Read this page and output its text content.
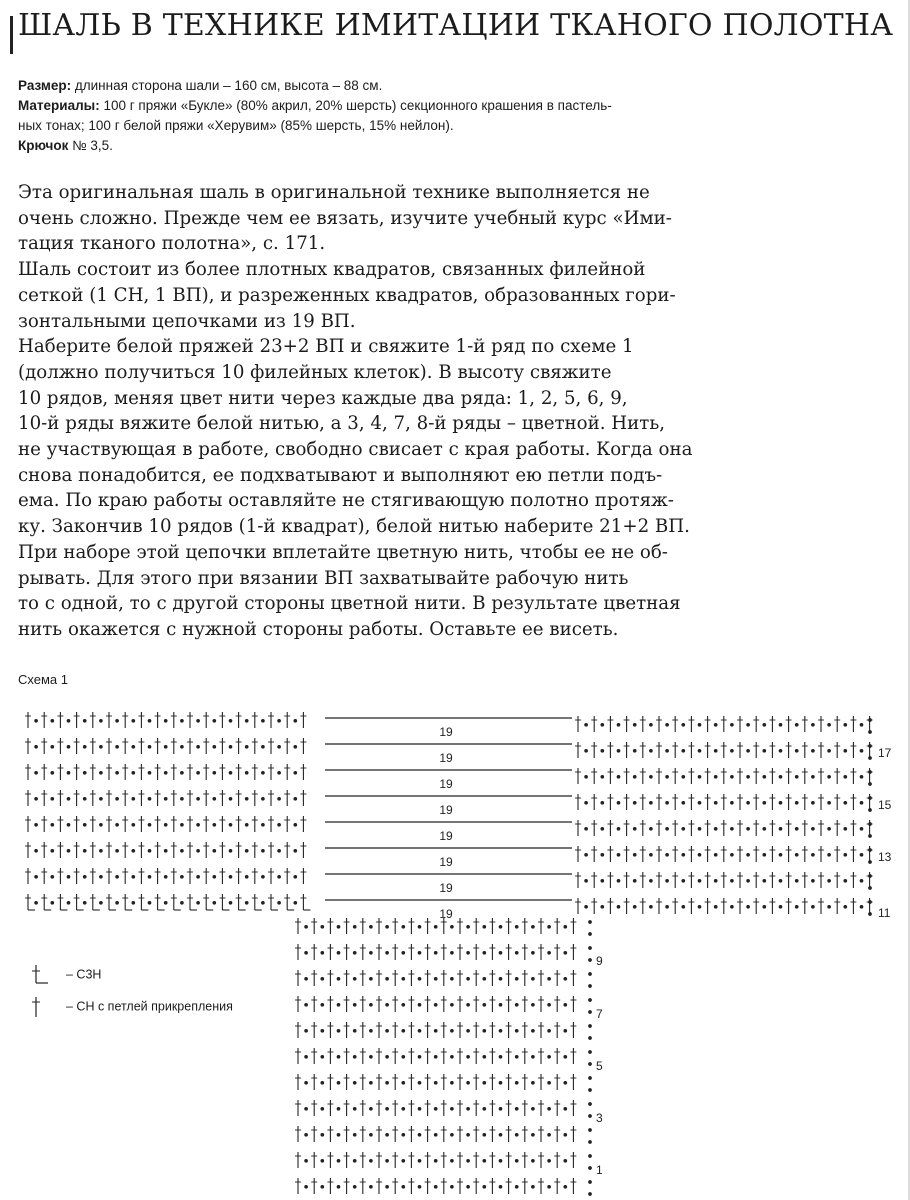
ШАЛЬ В ТЕХНИКЕ ИМИТАЦИИ ТКАНОГО ПОЛОТНА

Размер: длинная сторона шали – 160 см, высота – 88 см.

Материалы: 100 г пряжи «Букле» (80% акрил, 20% шерсть) секционного крашения в пастель-

ных тонах; 100 г белой пряжи «Херувим» (85% шерсть, 15% нейлон).

Крючок № 3,5.

Эта оригинальная шаль в оригинальной технике выполняется не

очень сложно. Прежде чем ее вязать, изучите учебный курс «Ими-

тация тканого полотна», с. 171.

Шаль состоит из более плотных квадратов, связанных филейной

сеткой (1 СН, 1 ВП), и разреженных квадратов, образованных гори-

зонтальными цепочками из 19 ВП.

Наберите белой пряжей 23+2 ВП и свяжите 1-й ряд по схеме 1

(должно получиться 10 филейных клеток). В высоту свяжите

10 рядов, меняя цвет нити через каждые два ряда: 1, 2, 5, 6, 9,

10-й ряды вяжите белой нитью, а 3, 4, 7, 8-й ряды – цветной. Нить,

не участвующая в работе, свободно свисает с края работы. Когда она

снова понадобится, ее подхватывают и выполняют ею петли подъ-

ема. По краю работы оставляйте не стягивающую полотно протяж-

ку. Закончив 10 рядов (1-й квадрат), белой нитью наберите 21+2 ВП.

При наборе этой цепочки вплетайте цветную нить, чтобы ее не об-

рывать. Для этого при вязании ВП захватывайте рабочую нить

то с одной, то с другой стороны цветной нити. В результате цветная

нить окажется с нужной стороны работы. Оставьте ее висеть.

Схема 1
19
19
19
19
19
19
19
19
17
15
13
11
9
7
5
3
1
– С3Н
– СН с петлей прикрепления
